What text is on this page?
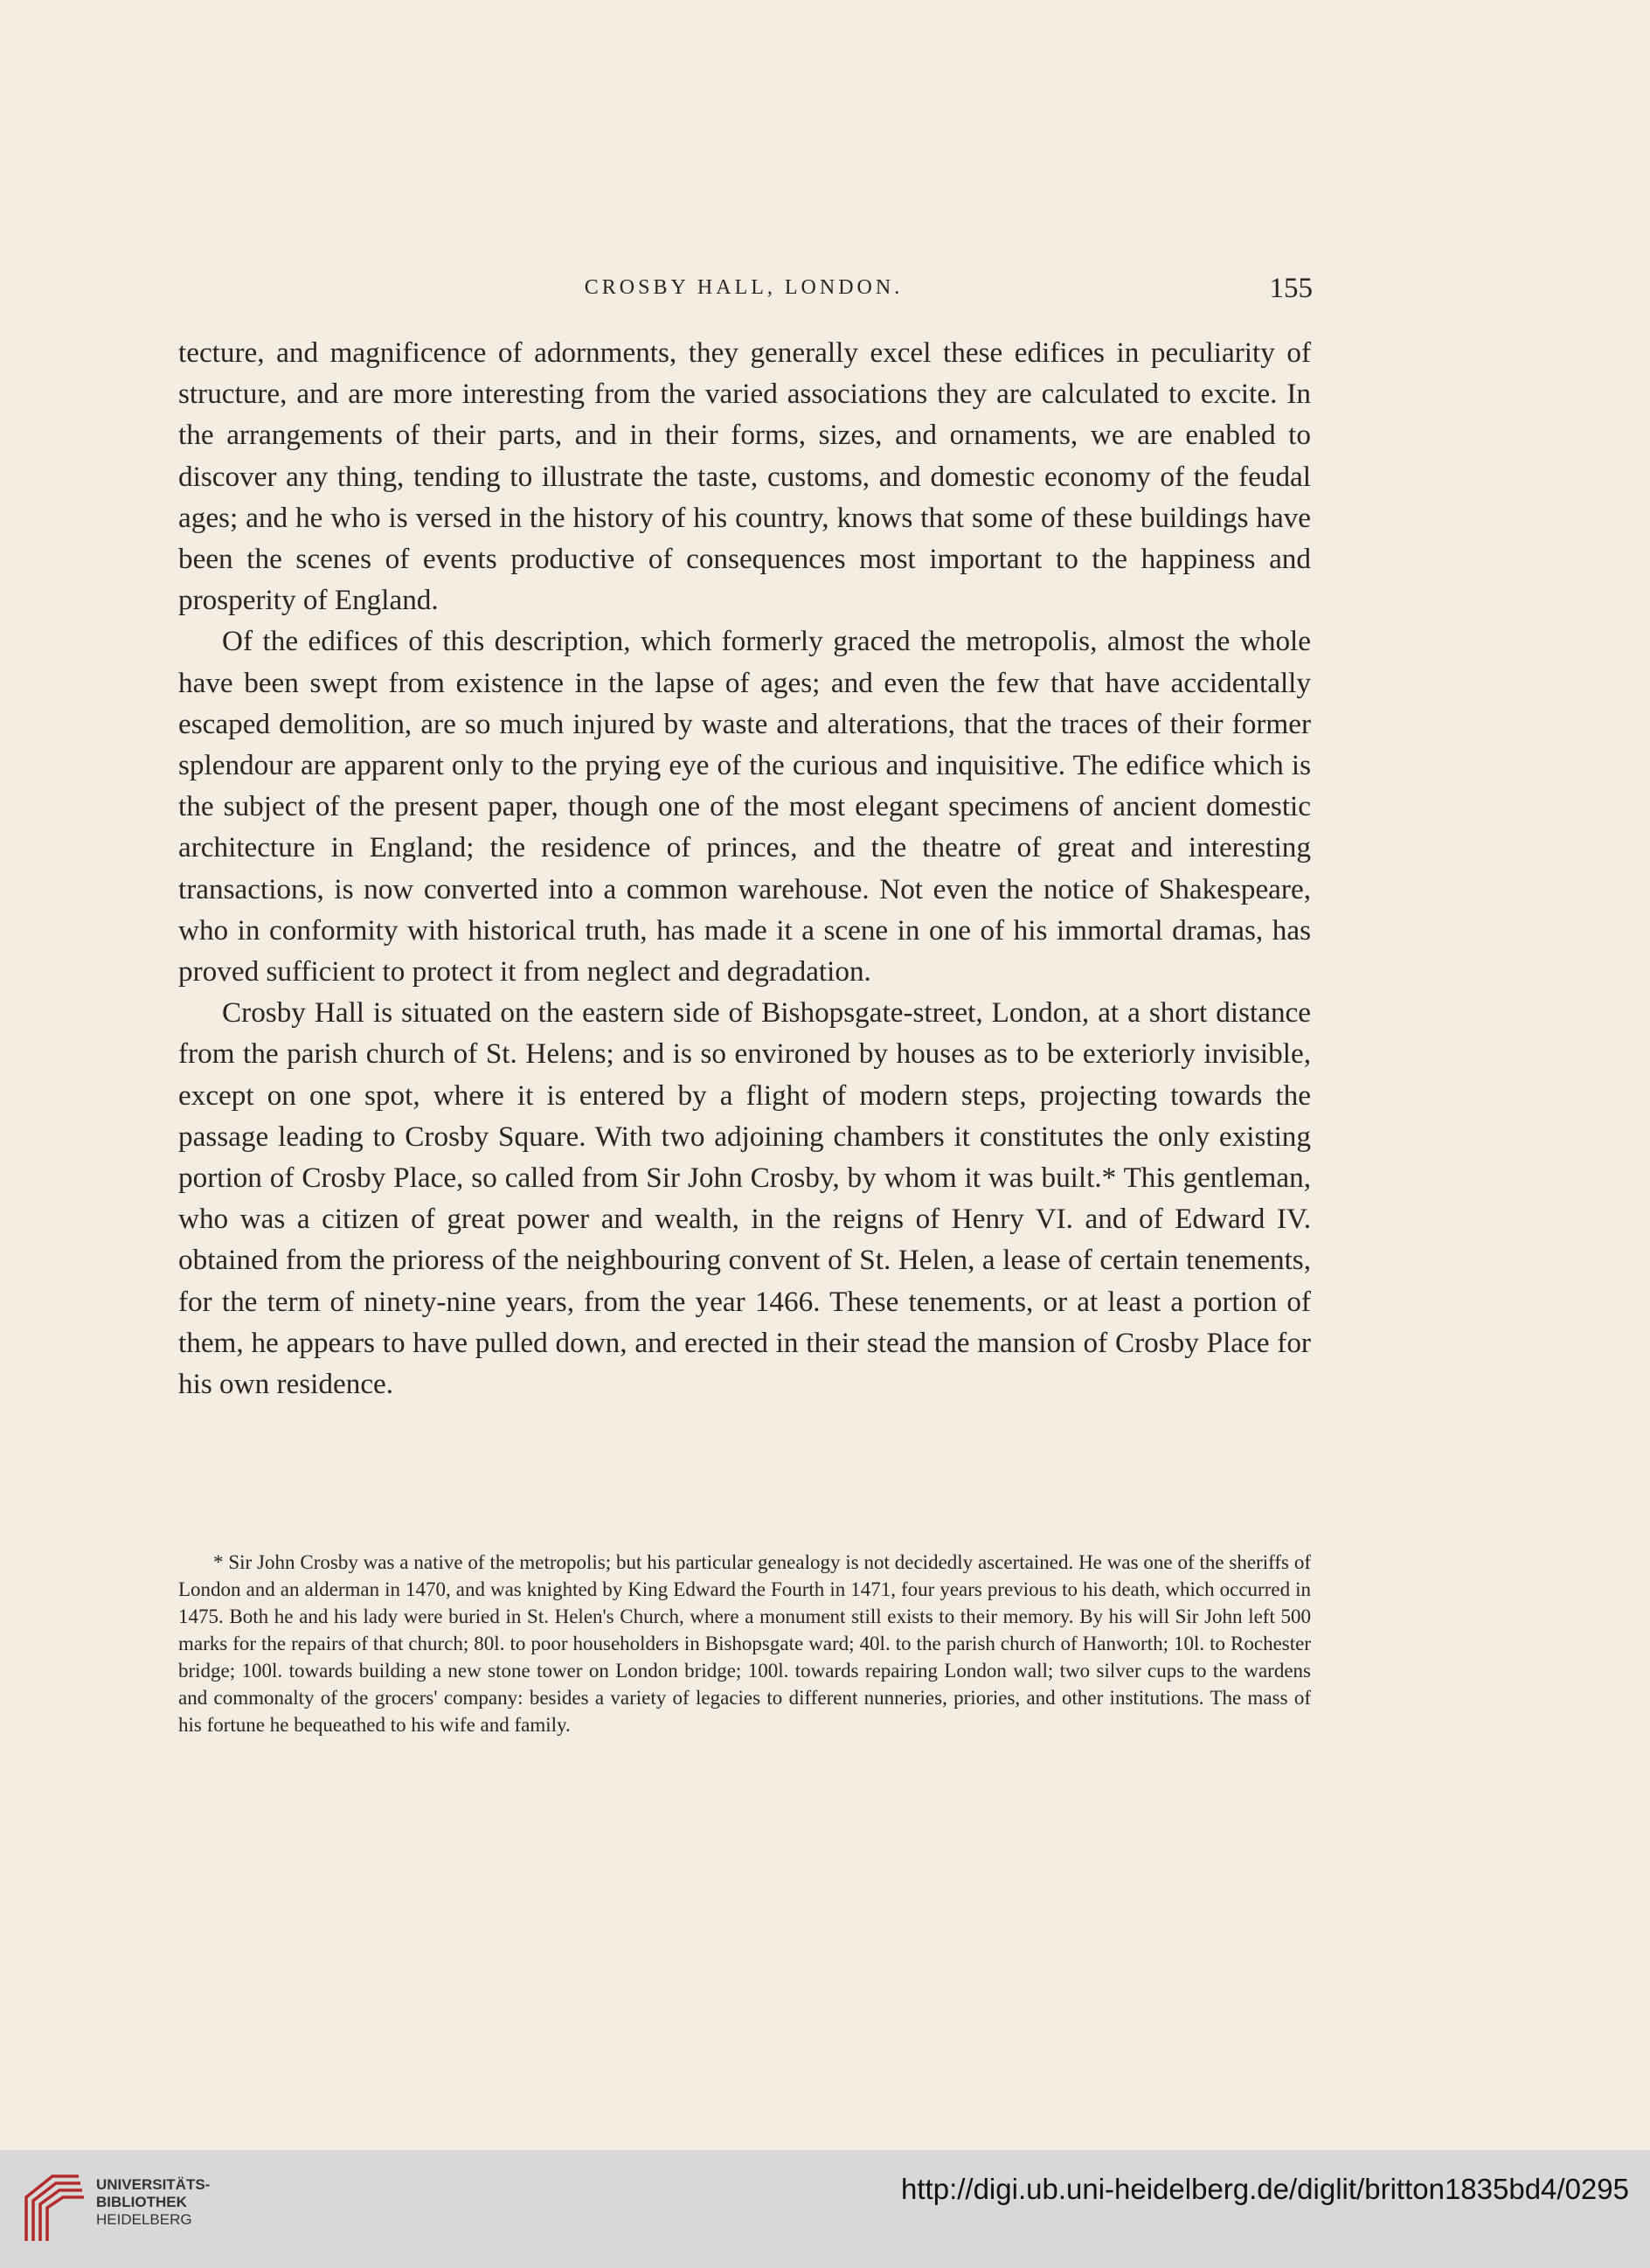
CROSBY HALL, LONDON.	155

tecture, and magnificence of adornments, they generally excel these edifices in peculiarity of structure, and are more interesting from the varied associations they are calculated to excite. In the arrangements of their parts, and in their forms, sizes, and ornaments, we are enabled to discover any thing, tending to illustrate the taste, customs, and domestic economy of the feudal ages; and he who is versed in the history of his country, knows that some of these buildings have been the scenes of events productive of consequences most important to the happiness and prosperity of England.

Of the edifices of this description, which formerly graced the metropolis, almost the whole have been swept from existence in the lapse of ages; and even the few that have accidentally escaped demolition, are so much injured by waste and alterations, that the traces of their former splendour are apparent only to the prying eye of the curious and inquisitive. The edifice which is the subject of the present paper, though one of the most elegant specimens of ancient domestic architecture in England; the residence of princes, and the theatre of great and interesting transactions, is now converted into a common warehouse. Not even the notice of Shakespeare, who in conformity with historical truth, has made it a scene in one of his immortal dramas, has proved sufficient to protect it from neglect and degradation.

Crosby Hall is situated on the eastern side of Bishopsgate-street, London, at a short distance from the parish church of St. Helens; and is so environed by houses as to be exteriorly invisible, except on one spot, where it is entered by a flight of modern steps, projecting towards the passage leading to Crosby Square. With two adjoining chambers it constitutes the only existing portion of Crosby Place, so called from Sir John Crosby, by whom it was built.* This gentleman, who was a citizen of great power and wealth, in the reigns of Henry VI. and of Edward IV. obtained from the prioress of the neighbouring convent of St. Helen, a lease of certain tenements, for the term of ninety-nine years, from the year 1466. These tenements, or at least a portion of them, he appears to have pulled down, and erected in their stead the mansion of Crosby Place for his own residence.

* Sir John Crosby was a native of the metropolis; but his particular genealogy is not decidedly ascertained. He was one of the sheriffs of London and an alderman in 1470, and was knighted by King Edward the Fourth in 1471, four years previous to his death, which occurred in 1475. Both he and his lady were buried in St. Helen's Church, where a monument still exists to their memory. By his will Sir John left 500 marks for the repairs of that church; 80l. to poor householders in Bishopsgate ward; 40l. to the parish church of Hanworth; 10l. to Rochester bridge; 100l. towards building a new stone tower on London bridge; 100l. towards repairing London wall; two silver cups to the wardens and commonalty of the grocers' company: besides a variety of legacies to different nunneries, priories, and other institutions. The mass of his fortune he bequeathed to his wife and family.
UNIVERSITÄTS-
BIBLIOTHEK
HEIDELBERG
http://digi.ub.uni-heidelberg.de/diglit/britton1835bd4/0295
